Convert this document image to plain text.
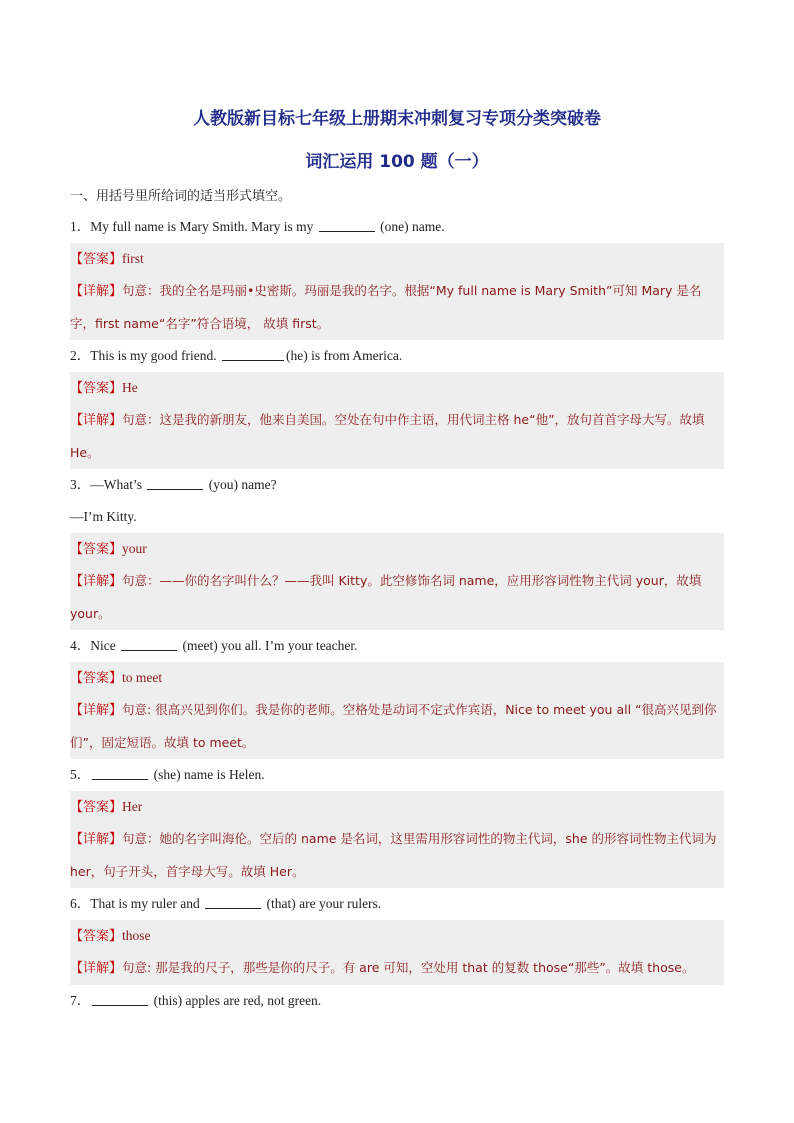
人教版新目标七年级上册期末冲刺复习专项分类突破卷
词汇运用 100 题（一）
一、用括号里所给词的适当形式填空。
1．My full name is Mary Smith. Mary is my	(one) name.
【答案】first
【详解】句意：我的全名是玛丽•史密斯。玛丽是我的名字。根据“My full name is Mary Smith”可知 Mary 是名字，first name“名字”符合语境， 故填 first。
2．This is my good friend.	(he) is from America.
【答案】He
【详解】句意：这是我的新朋友，他来自美国。空处在句中作主语，用代词主格 he“他”，放句首首字母大写。故填 He。
3．—What’s	(you) name?
—I’m Kitty.
【答案】your
【详解】句意：——你的名字叫什么？——我叫 Kitty。此空修饰名词 name，应用形容词性物主代词 your，故填 your。
4．Nice	(meet) you all. I’m your teacher.
【答案】to meet
【详解】句意: 很高兴见到你们。我是你的老师。空格处是动词不定式作宾语，Nice to meet you all “很高兴见到你们”，固定短语。故填 to meet。
5．	(she) name is Helen.
【答案】Her
【详解】句意：她的名字叫海伦。空后的 name 是名词，这里需用形容词性的物主代词，she 的形容词性物主代词为 her，句子开头，首字母大写。故填 Her。
6．That is my ruler and	(that) are your rulers.
【答案】those
【详解】句意: 那是我的尺子，那些是你的尺子。有 are 可知，空处用 that 的复数 those“那些”。故填 those。
7．	(this) apples are red, not green.
